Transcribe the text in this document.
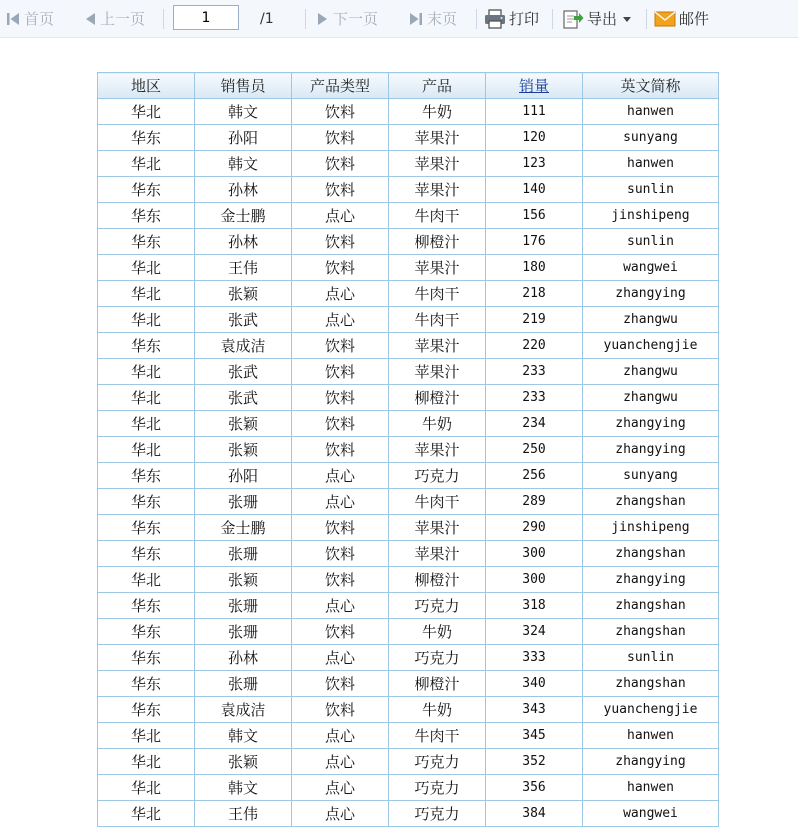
首页	上一页
1	/1	下一页	末页	打印	导出	邮件
地区	销售员	产品类型	产品	销量	英文简称
华北	韩文	饮料	牛奶	111	hanwen
华东	孙阳	饮料	苹果汁	120	sunyang
华北	韩文	饮料	苹果汁	123	hanwen
华东	孙林	饮料	苹果汁	140	sunlin
华东	金士鹏	点心	牛肉干	156	jinshipeng
华东	孙林	饮料	柳橙汁	176	sunlin
华北	王伟	饮料	苹果汁	180	wangwei
华北	张颖	点心	牛肉干	218	zhangying
华北	张武	点心	牛肉干	219	zhangwu
华东	袁成洁	饮料	苹果汁	220	yuanchengjie
华北	张武	饮料	苹果汁	233	zhangwu
华北	张武	饮料	柳橙汁	233	zhangwu
华北	张颖	饮料	牛奶	234	zhangying
华北	张颖	饮料	苹果汁	250	zhangying
华东	孙阳	点心	巧克力	256	sunyang
华东	张珊	点心	牛肉干	289	zhangshan
华东	金士鹏	饮料	苹果汁	290	jinshipeng
华东	张珊	饮料	苹果汁	300	zhangshan
华北	张颖	饮料	柳橙汁	300	zhangying
华东	张珊	点心	巧克力	318	zhangshan
华东	张珊	饮料	牛奶	324	zhangshan
华东	孙林	点心	巧克力	333	sunlin
华东	张珊	饮料	柳橙汁	340	zhangshan
华东	袁成洁	饮料	牛奶	343	yuanchengjie
华北	韩文	点心	牛肉干	345	hanwen
华北	张颖	点心	巧克力	352	zhangying
华北	韩文	点心	巧克力	356	hanwen
华北	王伟	点心	巧克力	384	wangwei
